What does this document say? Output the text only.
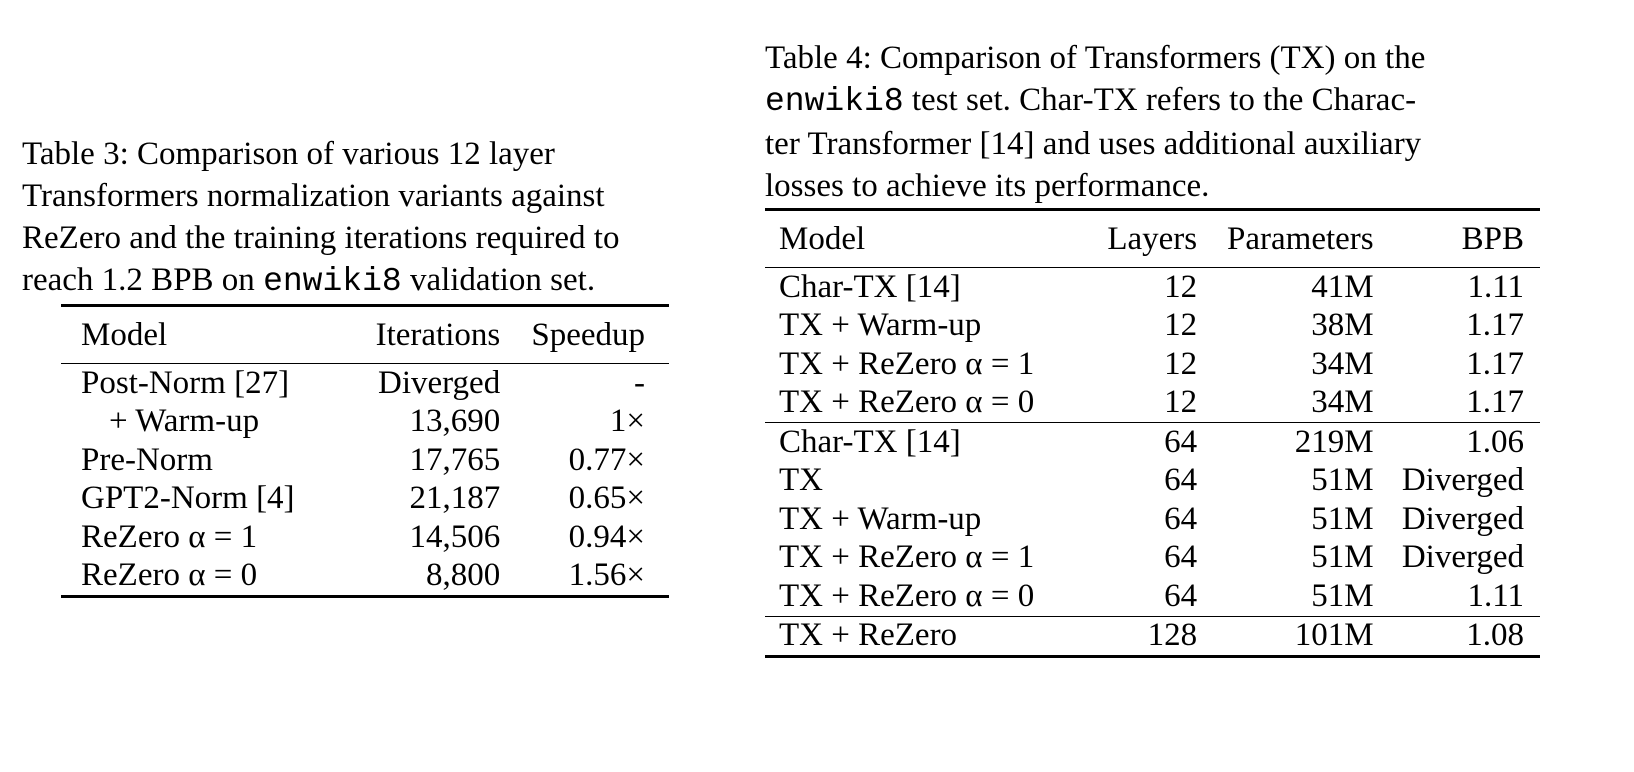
Table 3: Comparison of various 12 layer
Transformers normalization variants against
ReZero and the training iterations required to
reach 1.2 BPB on enwiki8 validation set.
Model	Iterations	Speedup
Post-Norm [27]	Diverged	-
+ Warm-up	13,690	1×
Pre-Norm	17,765	0.77×
GPT2-Norm [4]	21,187	0.65×
ReZero α = 1	14,506	0.94×
ReZero α = 0	8,800	1.56×
Table 4: Comparison of Transformers (TX) on the
enwiki8 test set. Char-TX refers to the Charac-
ter Transformer [14] and uses additional auxiliary
losses to achieve its performance.
Model	Layers	Parameters	BPB
Char-TX [14]	12	41M	1.11
TX + Warm-up	12	38M	1.17
TX + ReZero α = 1	12	34M	1.17
TX + ReZero α = 0	12	34M	1.17
Char-TX [14]	64	219M	1.06
TX	64	51M	Diverged
TX + Warm-up	64	51M	Diverged
TX + ReZero α = 1	64	51M	Diverged
TX + ReZero α = 0	64	51M	1.11
TX + ReZero	128	101M	1.08
